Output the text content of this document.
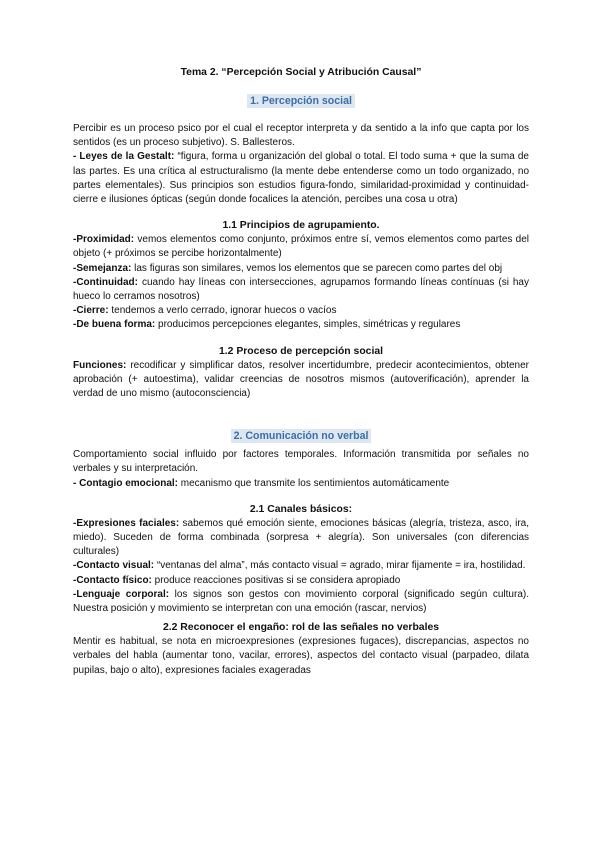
Tema 2. “Percepción Social y Atribución Causal”
1. Percepción social

Percibir es un proceso psico por el cual el receptor interpreta y da sentido a la info que capta por los sentidos (es un proceso subjetivo). S. Ballesteros.

- Leyes de la Gestalt: “figura, forma u organización del global o total. El todo suma + que la suma de las partes. Es una crítica al estructuralismo (la mente debe entenderse como un todo organizado, no partes elementales). Sus principios son estudios figura-fondo, similaridad-proximidad y continuidad-cierre e ilusiones ópticas (según donde focalices la atención, percibes una cosa u otra)

1.1 Principios de agrupamiento.

-Proximidad: vemos elementos como conjunto, próximos entre sí, vemos elementos como partes del objeto (+ próximos se percibe horizontalmente)

-Semejanza: las figuras son similares, vemos los elementos que se parecen como partes del obj

-Continuidad: cuando hay líneas con intersecciones, agrupamos formando líneas contínuas (si hay hueco lo cerramos nosotros)

-Cierre: tendemos a verlo cerrado, ignorar huecos o vacíos

-De buena forma: producimos percepciones elegantes, simples, simétricas y regulares

1.2 Proceso de percepción social

Funciones: recodificar y simplificar datos, resolver incertidumbre, predecir acontecimientos, obtener aprobación (+ autoestima), validar creencias de nosotros mismos (autoverificación), aprender la verdad de uno mismo (autoconsciencia)

2. Comunicación no verbal

Comportamiento social influido por factores temporales. Información transmitida por señales no verbales y su interpretación.

- Contagio emocional: mecanismo que transmite los sentimientos automáticamente

2.1 Canales básicos:

-Expresiones faciales: sabemos qué emoción siente, emociones básicas (alegría, tristeza, asco, ira, miedo). Suceden de forma combinada (sorpresa + alegría). Son universales (con diferencias culturales)

-Contacto visual: “ventanas del alma”, más contacto visual = agrado, mirar fijamente = ira, hostilidad.

-Contacto físico: produce reacciones positivas si se considera apropiado

-Lenguaje corporal: los signos son gestos con movimiento corporal (significado según cultura). Nuestra posición y movimiento se interpretan con una emoción (rascar, nervios)

2.2 Reconocer el engaño: rol de las señales no verbales

Mentir es habitual, se nota en microexpresiones (expresiones fugaces), discrepancias, aspectos no verbales del habla (aumentar tono, vacilar, errores), aspectos del contacto visual (parpadeo, dilata pupilas, bajo o alto), expresiones faciales exageradas
